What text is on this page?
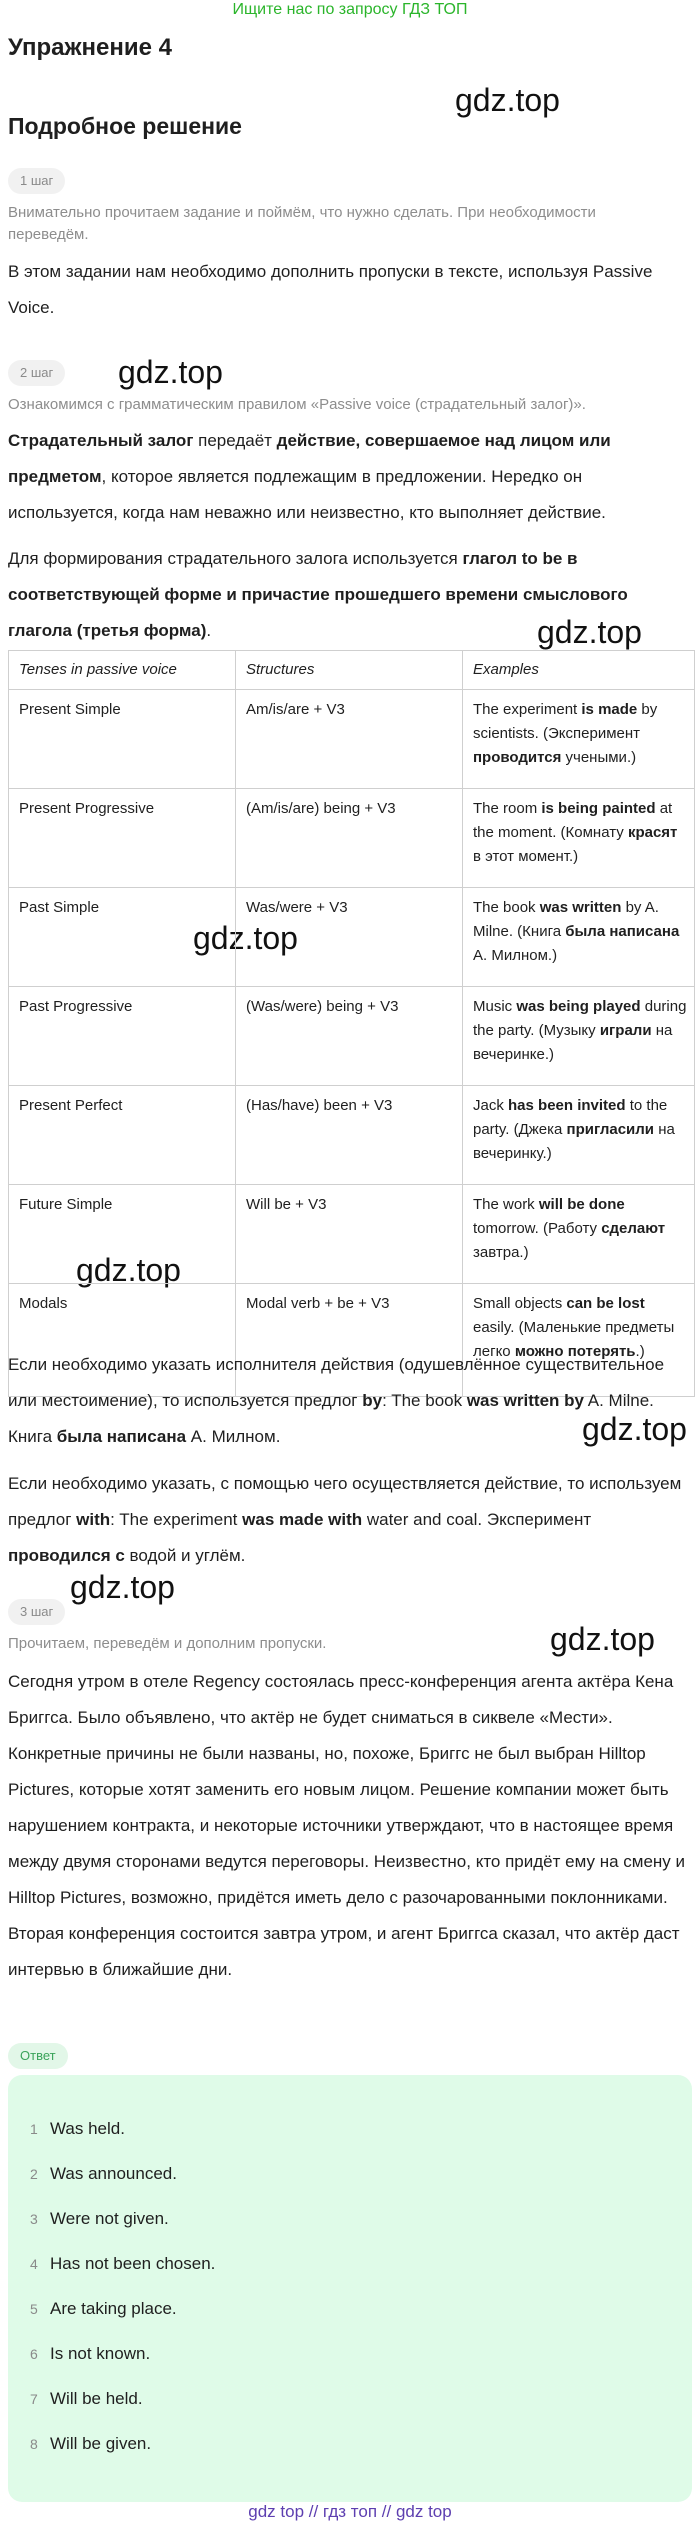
Ищите нас по запросу ГДЗ ТОП
Упражнение 4
Подробное решение
gdz.top
gdz.top
gdz.top
gdz.top
gdz.top
gdz.top
gdz.top
gdz.top
1 шаг

Внимательно прочитаем задание и поймём, что нужно сделать. При необходимости переведём.

В этом задании нам необходимо дополнить пропуски в тексте, используя Passive Voice.

2 шаг

Ознакомимся с грамматическим правилом «Passive voice (страдательный залог)».

Страдательный залог передаёт действие, совершаемое над лицом или предметом, которое является подлежащим в предложении. Нередко он используется, когда нам неважно или неизвестно, кто выполняет действие.

Для формирования страдательного залога используется глагол to be в соответствующей форме и причастие прошедшего времени смыслового глагола (третья форма).

Tenses in passive voice	Structures	Examples
Present Simple	Am/is/are + V3	The experiment is made by scientists. (Эксперимент проводится учеными.)
Present Progressive	(Am/is/are) being + V3	The room is being painted at the moment. (Комнату красят в этот момент.)
Past Simple	Was/were + V3	The book was written by A. Milne. (Книга была написана А. Милном.)
Past Progressive	(Was/were) being + V3	Music was being played during the party. (Музыку играли на вечеринке.)
Present Perfect	(Has/have) been + V3	Jack has been invited to the party. (Джека пригласили на вечеринку.)
Future Simple	Will be + V3	The work will be done tomorrow. (Работу сделают завтра.)
Modals	Modal verb + be + V3	Small objects can be lost easily. (Маленькие предметы легко можно потерять.)

Если необходимо указать исполнителя действия (одушевлённое существительное или местоимение), то используется предлог by: The book was written by A. Milne. Книга была написана А. Милном.

Если необходимо указать, с помощью чего осуществляется действие, то используем предлог with: The experiment was made with water and coal. Эксперимент проводился с водой и углём.

3 шаг

Прочитаем, переведём и дополним пропуски.

Сегодня утром в отеле Regency состоялась пресс-конференция агента актёра Кена Бриггса. Было объявлено, что актёр не будет сниматься в сиквеле «Мести». Конкретные причины не были названы, но, похоже, Бриггс не был выбран Hilltop Pictures, которые хотят заменить его новым лицом. Решение компании может быть нарушением контракта, и некоторые источники утверждают, что в настоящее время между двумя сторонами ведутся переговоры. Неизвестно, кто придёт ему на смену и Hilltop Pictures, возможно, придётся иметь дело с разочарованными поклонниками. Вторая конференция состоится завтра утром, и агент Бриггса сказал, что актёр даст интервью в ближайшие дни.

Ответ
1 Was held.
2 Was announced.
3 Were not given.
4 Has not been chosen.
5 Are taking place.
6 Is not known.
7 Will be held.
8 Will be given.
gdz top // гдз топ // gdz top
